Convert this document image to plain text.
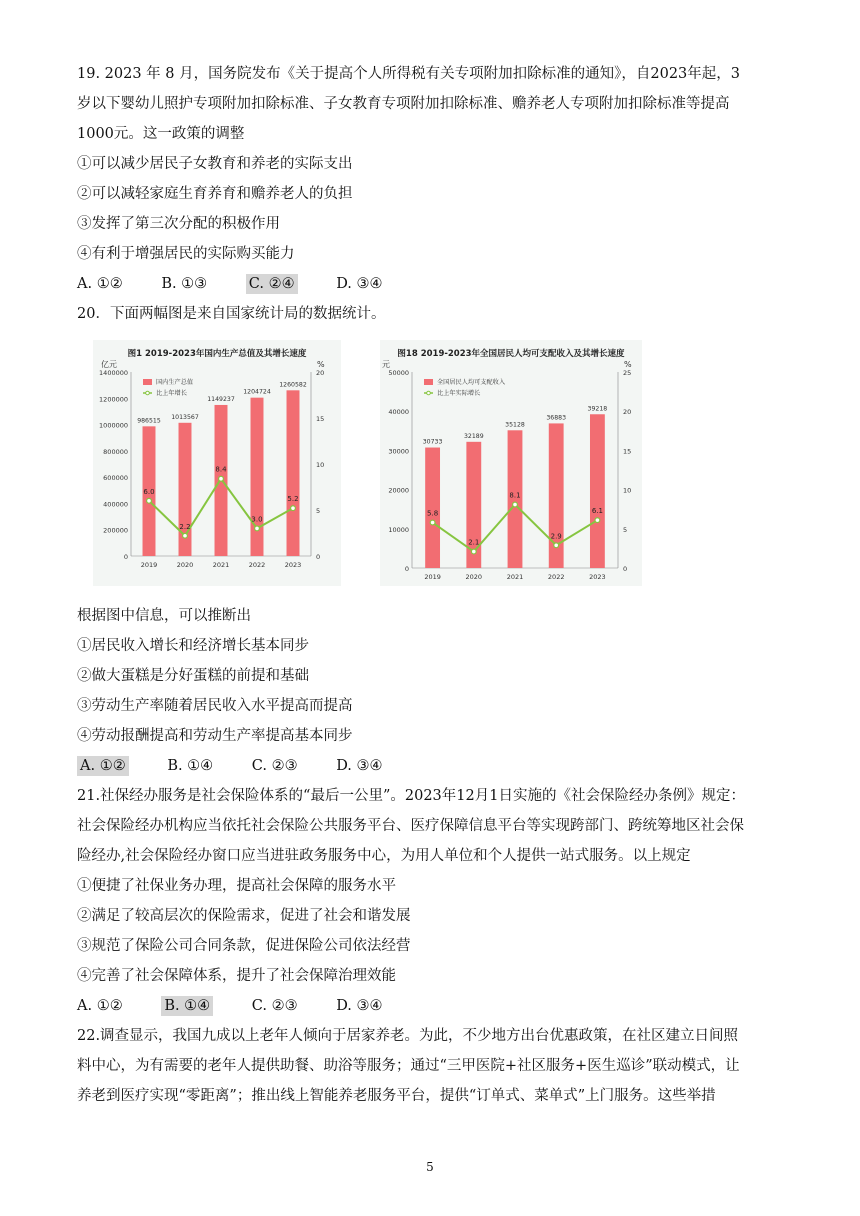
19. 2023 年 8 月，国务院发布《关于提高个人所得税有关专项附加扣除标准的通知》，自2023年起，3
岁以下婴幼儿照护专项附加扣除标准、子女教育专项附加扣除标准、赡养老人专项附加扣除标准等提高
1000元。这一政策的调整
①可以减少居民子女教育和养老的实际支出
②可以减轻家庭生育养育和赡养老人的负担
③发挥了第三次分配的积极作用
④有利于增强居民的实际购买能力
A. ①②	B. ①③	C. ②④	D. ③④
20．下面两幅图是来自国家统计局的数据统计。
图1 2019-2023年国内生产总值及其增长速度
亿元	%
0
200000
400000
600000
800000
1000000
1200000
1400000
0
5
10
15
20
986515
2019
1013567
2020
1149237
2021
1204724
2022
1260582
2023
6.0
2.2
8.4
3.0
5.2
国内生产总值
比上年增长
图18 2019-2023年全国居民人均可支配收入及其增长速度
元	%
0
10000
20000
30000
40000
50000
0
5
10
15
20
25
30733
2019
32189
2020
35128
2021
36883
2022
39218
2023
5.8
2.1
8.1
2.9
6.1
全国居民人均可支配收入
比上年实际增长
根据图中信息，可以推断出
①居民收入增长和经济增长基本同步
②做大蛋糕是分好蛋糕的前提和基础
③劳动生产率随着居民收入水平提高而提高
④劳动报酬提高和劳动生产率提高基本同步
A. ①②	B. ①④	C. ②③	D. ③④
21.社保经办服务是社会保险体系的“最后一公里”。2023年12月1日实施的《社会保险经办条例》规定：
社会保险经办机构应当依托社会保险公共服务平台、医疗保障信息平台等实现跨部门、跨统筹地区社会保
险经办,社会保险经办窗口应当进驻政务服务中心，为用人单位和个人提供一站式服务。以上规定
①便捷了社保业务办理，提高社会保障的服务水平
②满足了较高层次的保险需求，促进了社会和谐发展
③规范了保险公司合同条款，促进保险公司依法经营
④完善了社会保障体系，提升了社会保障治理效能
A. ①②	B. ①④	C. ②③	D. ③④
22.调查显示，我国九成以上老年人倾向于居家养老。为此，不少地方出台优惠政策，在社区建立日间照
料中心，为有需要的老年人提供助餐、助浴等服务；通过“三甲医院+社区服务+医生巡诊”联动模式，让
养老到医疗实现“零距离”；推出线上智能养老服务平台，提供“订单式、菜单式”上门服务。这些举措
5
